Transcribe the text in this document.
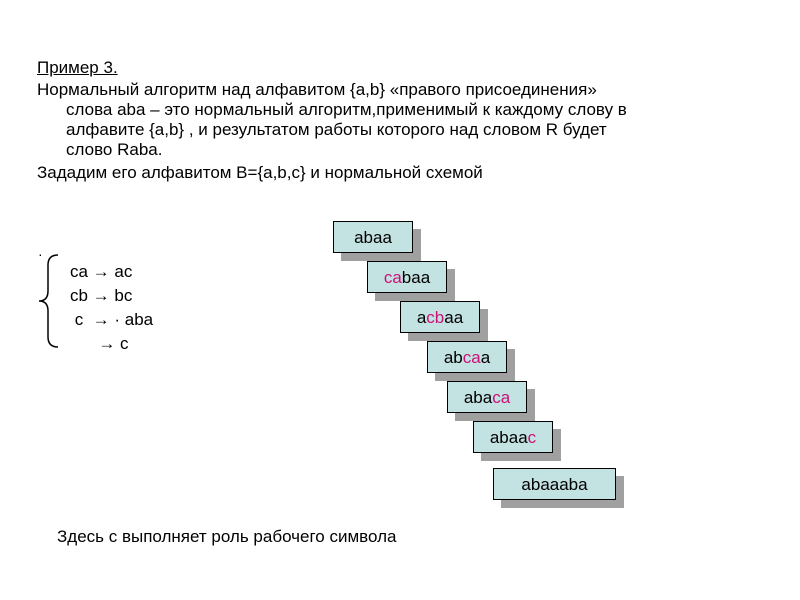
Пример 3.
Нормальный алгоритм над алфавитом {a,b} «правого присоединения»
слова aba – это нормальный алгоритм,применимый к каждому слову в
алфавите {a,b} , и результатом работы которого над словом R будет
слово Raba.
Зададим его алфавитом B={a,b,c} и нормальной схемой
·
ca → ac
cb → bc
c  → · aba
→ c
abaa
cabaa
acbaa
abcaa
abaca
abaac
abaaaba
Здесь с выполняет роль рабочего символа
